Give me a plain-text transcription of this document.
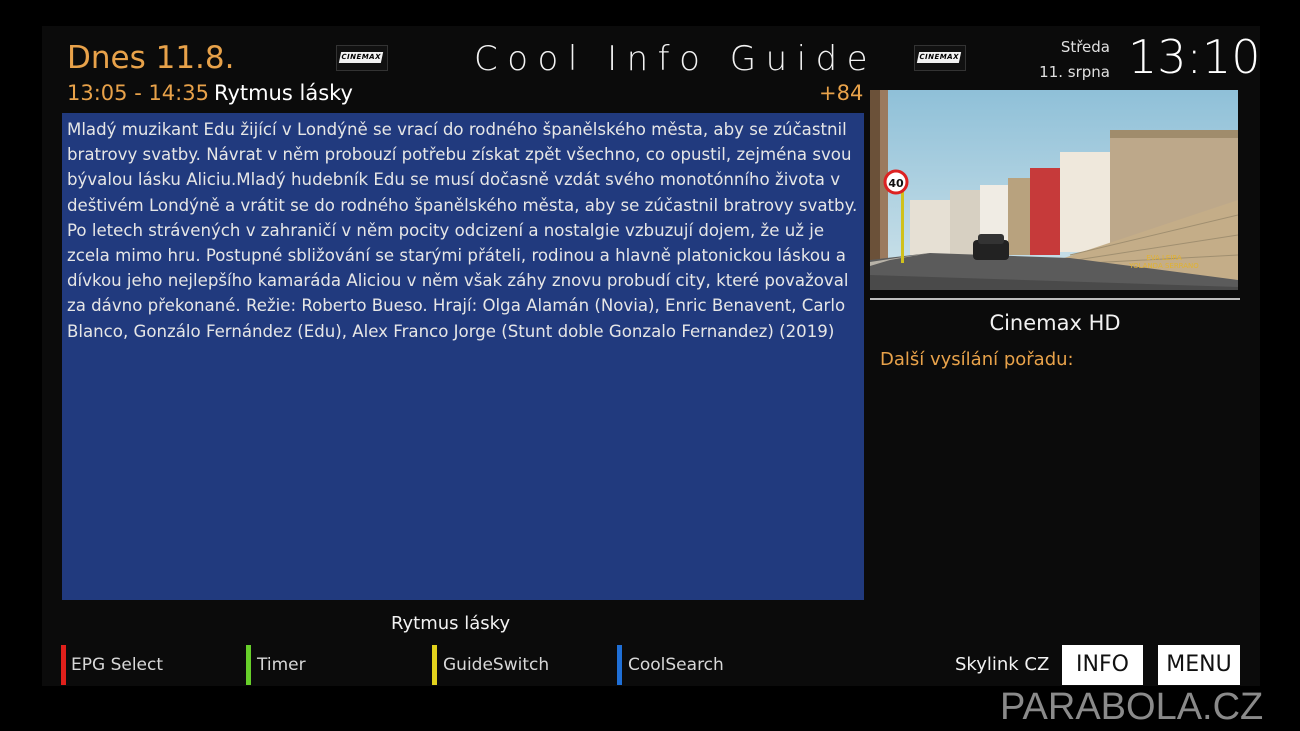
Dnes 11.8.	CINEMAX	Cool Info Guide	CINEMAX
Středa
11. srpna 13:10
13:05 - 14:35 Rytmus lásky	+84

Mladý muzikant Edu žijící v Londýně se vrací do rodného španělského města, aby se zúčastnil bratrovy svatby. Návrat v něm probouzí potřebu získat zpět všechno, co opustil, zejména svou bývalou lásku Aliciu.Mladý hudebník Edu se musí dočasně vzdát svého monotónního života v deštivém Londýně a vrátit se do rodného španělského města, aby se zúčastnil bratrovy svatby. Po letech strávených v zahraničí v něm pocity odcizení a nostalgie vzbuzují dojem, že už je zcela mimo hru. Postupné sbližování se starými přáteli, rodinou a hlavně platonickou láskou a dívkou jeho nejlepšího kamaráda Aliciou v něm však záhy znovu probudí city, které považoval za dávno překonané. Režie: Roberto Bueso. Hrají: Olga Alamán (Novia), Enric Benavent, Carlo Blanco, Gonzálo Fernández (Edu), Alex Franco Jorge (Stunt doble Gonzalo Fernandez) (2019)

40
EVA LEIRA
YOLANDA SERRANO
Cinemax HD
Další vysílání pořadu:
Rytmus lásky
EPG Select	Timer	GuideSwitch	CoolSearch	Skylink CZ	INFO	MENU
PARABOLA.CZ
